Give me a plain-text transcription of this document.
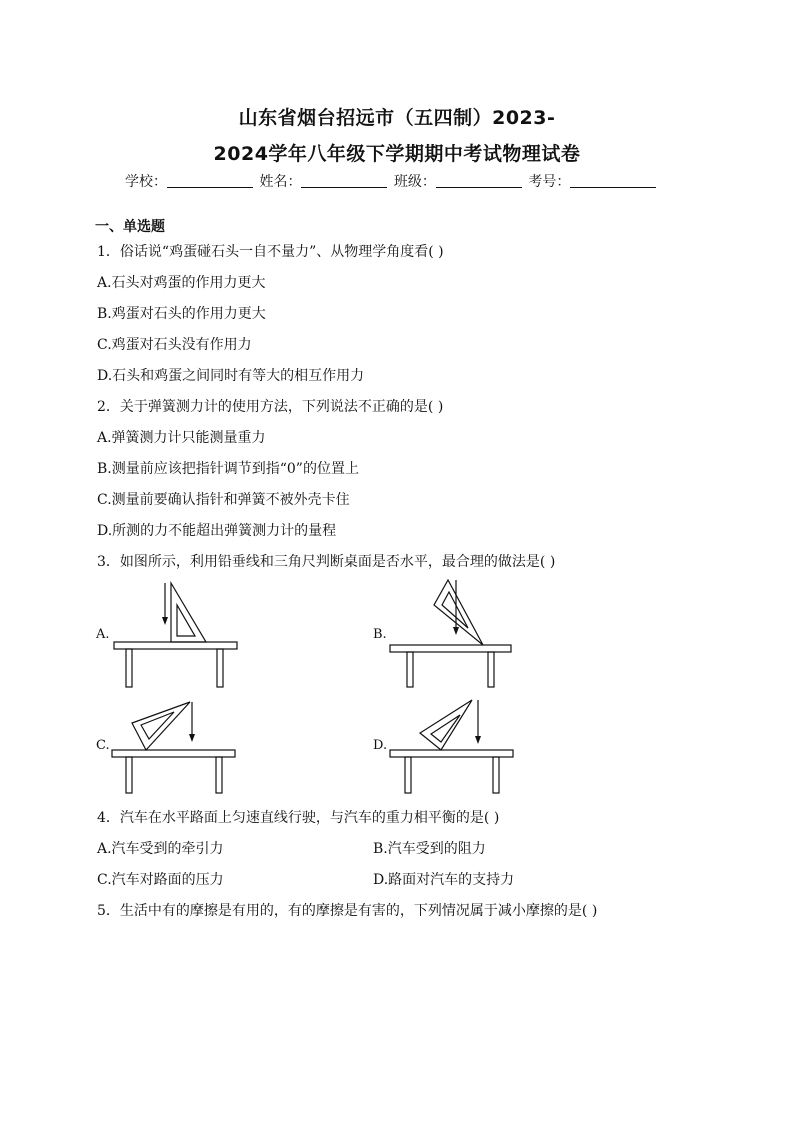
山东省烟台招远市（五四制）2023-
2024学年八年级下学期期中考试物理试卷
学校：	姓名：	班级：	考号：
一、单选题
1．俗话说“鸡蛋碰石头一自不量力”、从物理学角度看( )
A.石头对鸡蛋的作用力更大
B.鸡蛋对石头的作用力更大
C.鸡蛋对石头没有作用力
D.石头和鸡蛋之间同时有等大的相互作用力
2．关于弹簧测力计的使用方法，下列说法不正确的是( )
A.弹簧测力计只能测量重力
B.测量前应该把指针调节到指“0”的位置上
C.测量前要确认指针和弹簧不被外壳卡住
D.所测的力不能超出弹簧测力计的量程
3．如图所示，利用铅垂线和三角尺判断桌面是否水平，最合理的做法是( )
A.	B.
C.	D.
4．汽车在水平路面上匀速直线行驶，与汽车的重力相平衡的是( )
A.汽车受到的牵引力	B.汽车受到的阻力
C.汽车对路面的压力	D.路面对汽车的支持力
5．生活中有的摩擦是有用的，有的摩擦是有害的，下列情况属于减小摩擦的是( )
